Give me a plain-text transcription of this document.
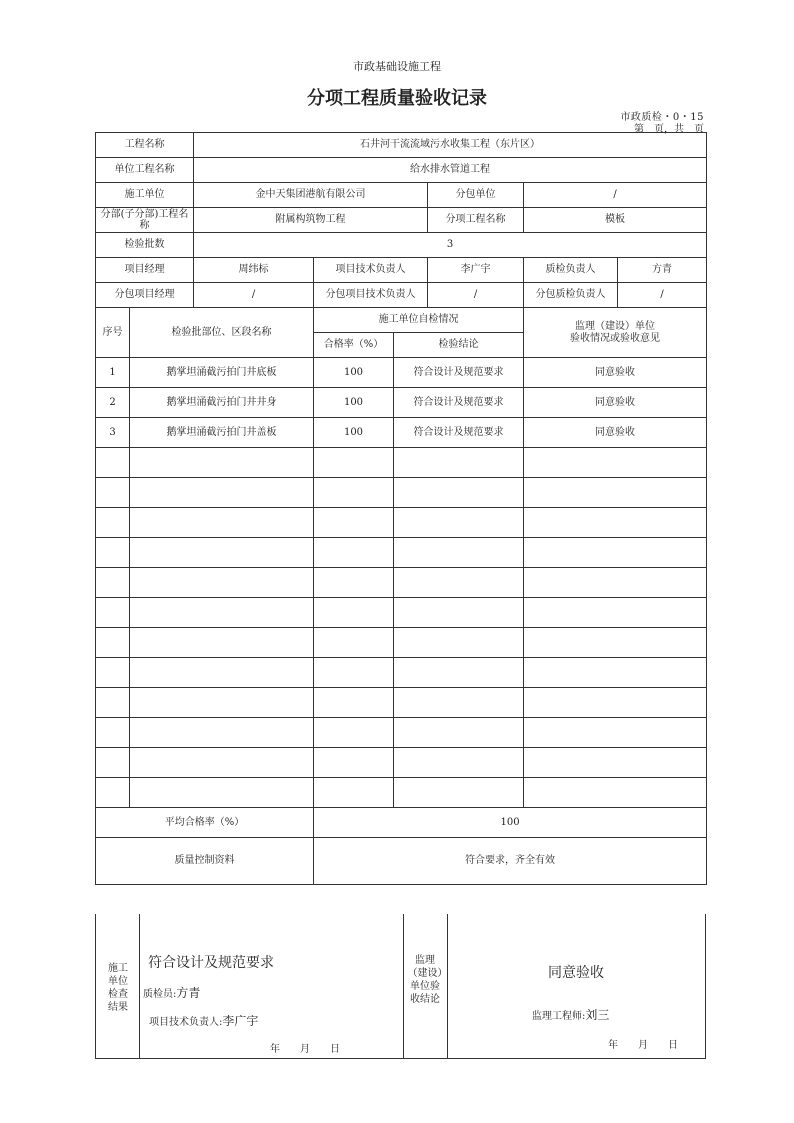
市政基础设施工程
分项工程质量验收记录
市政质检・0・15
第　页，共　页
工程名称		石井河干流流域污水收集工程（东片区）					
单位工程名称		给水排水管道工程					
施工单位		金中天集团港航有限公司			分包单位	/	
分部(子分部)工程名称		附属构筑物工程			分项工程名称	模板	
检验批数		3					
项目经理		周纬标	项目技术负责人		李广宇	质检负责人	方青
分包项目经理		/	分包项目技术负责人		/	分包质检负责人	/
序号	检验批部位、区段名称		施工单位自检情况			监理（建设）单位
验收情况或验收意见	

			合格率（%）	检验结论			
1	鹅掌坦涌截污拍门井底板		100	符合设计及规范要求		同意验收	
2	鹅掌坦涌截污拍门井井身		100	符合设计及规范要求		同意验收	
3	鹅掌坦涌截污拍门井盖板		100	符合设计及规范要求		同意验收	

平均合格率（%）			100				
质量控制资料			符合要求，齐全有效				
施工单位检查结果
符合设计及规范要求
质检员:方青
项目技术负责人:李广宇
年　　月　　日
监理（建设）单位验收结论
同意验收
监理工程师:刘三
年　　月　　日
